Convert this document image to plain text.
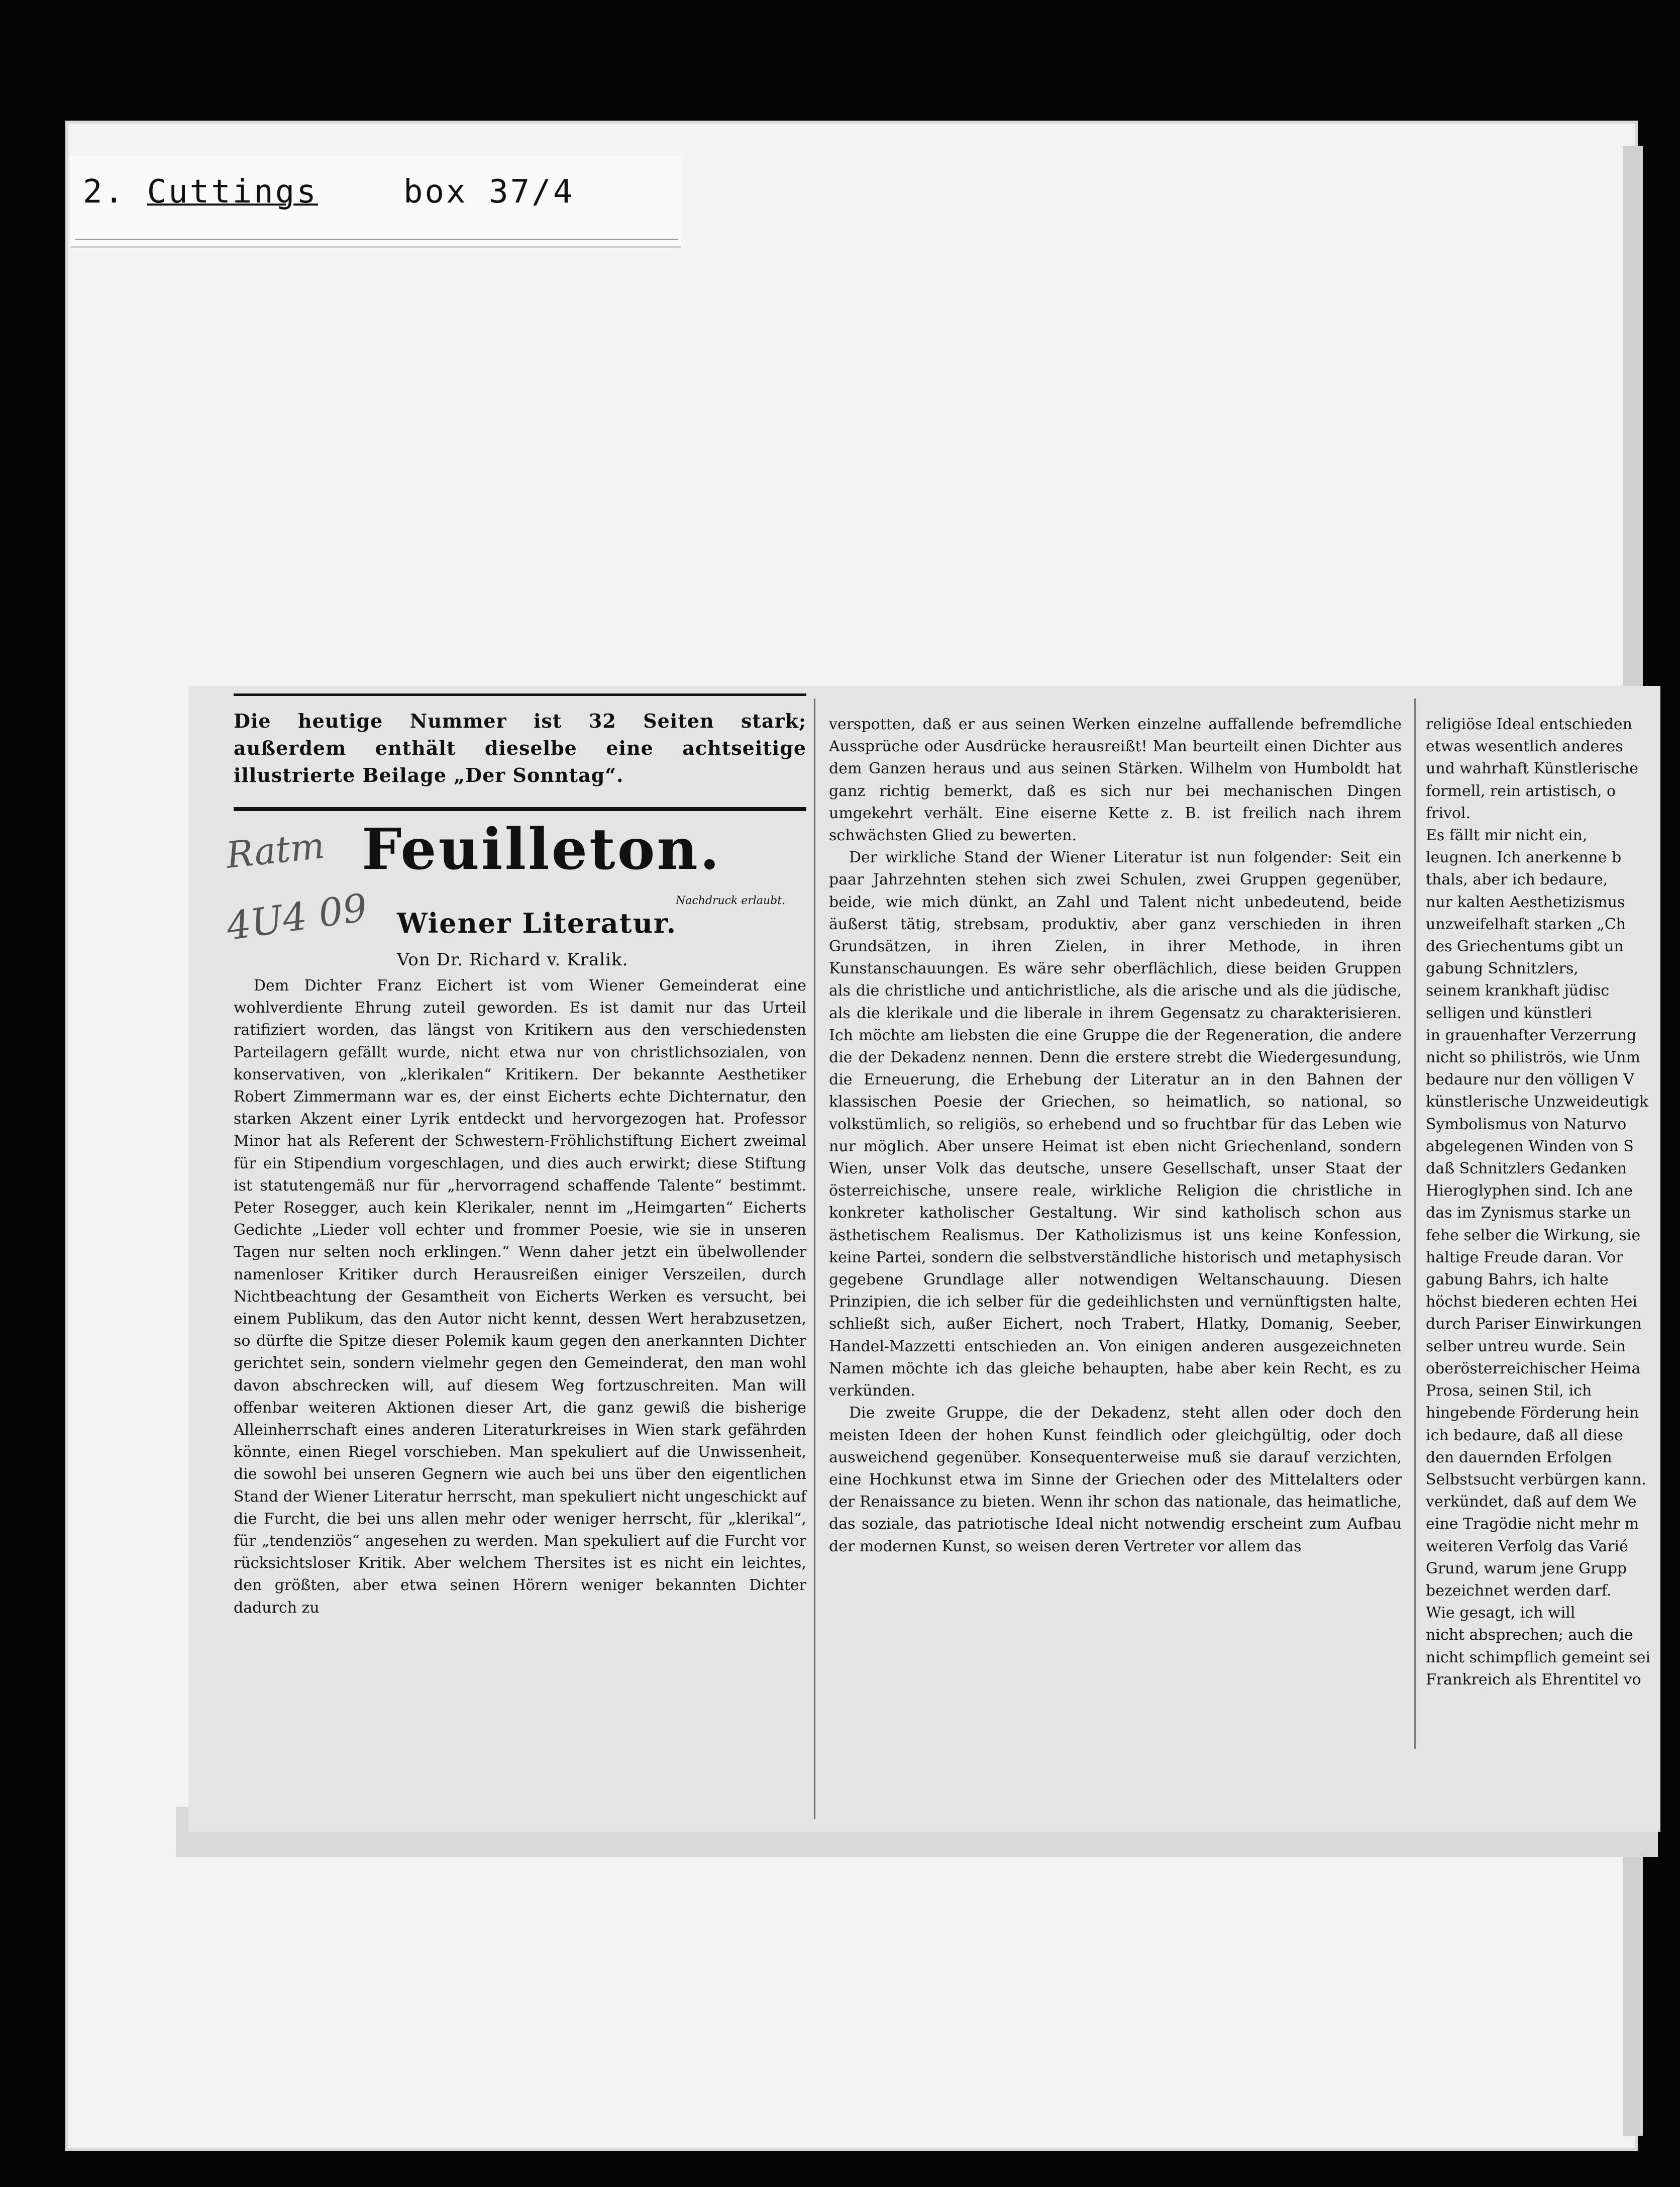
2. Cuttings	box 37/4
Die heutige Nummer ist 32 Seiten stark; außerdem enthält dieselbe eine achtseitige illustrierte Beilage „Der Sonntag“.
Ratm
4U4 09
Feuilleton.
Nachdruck erlaubt.
Wiener Literatur.
Von Dr. Richard v. Kralik.

Dem Dichter Franz Eichert ist vom Wiener Gemeinderat eine wohlverdiente Ehrung zuteil geworden. Es ist damit nur das Urteil ratifiziert worden, das längst von Kritikern aus den verschiedensten Parteilagern gefällt wurde, nicht etwa nur von christlichsozialen, von konservativen, von „klerikalen“ Kritikern. Der bekannte Aesthetiker Robert Zimmermann war es, der einst Eicherts echte Dichternatur, den starken Akzent einer Lyrik entdeckt und hervorgezogen hat. Professor Minor hat als Referent der Schwestern-Fröhlichstiftung Eichert zweimal für ein Stipendium vorgeschlagen, und dies auch erwirkt; diese Stiftung ist statutengemäß nur für „hervorragend schaffende Talente“ bestimmt. Peter Rosegger, auch kein Klerikaler, nennt im „Heimgarten“ Eicherts Gedichte „Lieder voll echter und frommer Poesie, wie sie in unseren Tagen nur selten noch erklingen.“ Wenn daher jetzt ein übelwollender namenloser Kritiker durch Herausreißen einiger Verszeilen, durch Nichtbeachtung der Gesamtheit von Eicherts Werken es versucht, bei einem Publikum, das den Autor nicht kennt, dessen Wert herabzusetzen, so dürfte die Spitze dieser Polemik kaum gegen den anerkannten Dichter gerichtet sein, sondern vielmehr gegen den Gemeinderat, den man wohl davon abschrecken will, auf diesem Weg fortzuschreiten. Man will offenbar weiteren Aktionen dieser Art, die ganz gewiß die bisherige Alleinherrschaft eines anderen Literaturkreises in Wien stark gefährden könnte, einen Riegel vorschieben. Man spekuliert auf die Unwissenheit, die sowohl bei unseren Gegnern wie auch bei uns über den eigentlichen Stand der Wiener Literatur herrscht, man spekuliert nicht ungeschickt auf die Furcht, die bei uns allen mehr oder weniger herrscht, für „klerikal“, für „tendenziös“ angesehen zu werden. Man spekuliert auf die Furcht vor rücksichtsloser Kritik. Aber welchem Thersites ist es nicht ein leichtes, den größten, aber etwa seinen Hörern weniger bekannten Dichter dadurch zu

verspotten, daß er aus seinen Werken einzelne auffallende befremdliche Aussprüche oder Ausdrücke herausreißt! Man beurteilt einen Dichter aus dem Ganzen heraus und aus seinen Stärken. Wilhelm von Humboldt hat ganz richtig bemerkt, daß es sich nur bei mechanischen Dingen umgekehrt verhält. Eine eiserne Kette z. B. ist freilich nach ihrem schwächsten Glied zu bewerten.

Der wirkliche Stand der Wiener Literatur ist nun folgender: Seit ein paar Jahrzehnten stehen sich zwei Schulen, zwei Gruppen gegenüber, beide, wie mich dünkt, an Zahl und Talent nicht unbedeutend, beide äußerst tätig, strebsam, produktiv, aber ganz verschieden in ihren Grundsätzen, in ihren Zielen, in ihrer Methode, in ihren Kunstanschauungen. Es wäre sehr oberflächlich, diese beiden Gruppen als die christliche und antichristliche, als die arische und als die jüdische, als die klerikale und die liberale in ihrem Gegensatz zu charakterisieren. Ich möchte am liebsten die eine Gruppe die der Regeneration, die andere die der Dekadenz nennen. Denn die erstere strebt die Wiedergesundung, die Erneuerung, die Erhebung der Literatur an in den Bahnen der klassischen Poesie der Griechen, so heimatlich, so national, so volkstümlich, so religiös, so erhebend und so fruchtbar für das Leben wie nur möglich. Aber unsere Heimat ist eben nicht Griechenland, sondern Wien, unser Volk das deutsche, unsere Gesellschaft, unser Staat der österreichische, unsere reale, wirkliche Religion die christliche in konkreter katholischer Gestaltung. Wir sind katholisch schon aus ästhetischem Realismus. Der Katholizismus ist uns keine Konfession, keine Partei, sondern die selbstverständliche historisch und metaphysisch gegebene Grundlage aller notwendigen Weltanschauung. Diesen Prinzipien, die ich selber für die gedeihlichsten und vernünftigsten halte, schließt sich, außer Eichert, noch Trabert, Hlatky, Domanig, Seeber, Handel-Mazzetti entschieden an. Von einigen anderen ausgezeichneten Namen möchte ich das gleiche behaupten, habe aber kein Recht, es zu verkünden.

Die zweite Gruppe, die der Dekadenz, steht allen oder doch den meisten Ideen der hohen Kunst feindlich oder gleichgültig, oder doch ausweichend gegenüber. Konsequenterweise muß sie darauf verzichten, eine Hochkunst etwa im Sinne der Griechen oder des Mittelalters oder der Renaissance zu bieten. Wenn ihr schon das nationale, das heimatliche, das soziale, das patriotische Ideal nicht notwendig erscheint zum Aufbau der modernen Kunst, so weisen deren Vertreter vor allem das

religiöse Ideal entschieden

etwas wesentlich anderes

und wahrhaft Künstlerische

formell, rein artistisch, o

frivol.

Es fällt mir nicht ein,

leugnen. Ich anerkenne b

thals, aber ich bedaure,

nur kalten Aesthetizismus

unzweifelhaft starken „Ch

des Griechentums gibt un

gabung Schnitzlers,

seinem krankhaft jüdisc

selligen und künstleri

in grauenhafter Verzerrung

nicht so philiströs, wie Unm

bedaure nur den völligen V

künstlerische Unzweideutigk

Symbolismus von Naturvo

abgelegenen Winden von S

daß Schnitzlers Gedanken

Hieroglyphen sind. Ich ane

das im Zynismus starke un

fehe selber die Wirkung, sie

haltige Freude daran. Vor

gabung Bahrs, ich halte

höchst biederen echten Hei

durch Pariser Einwirkungen

selber untreu wurde. Sein

oberösterreichischer Heima

Prosa, seinen Stil, ich

hingebende Förderung hein

ich bedaure, daß all diese

den dauernden Erfolgen

Selbstsucht verbürgen kann.

verkündet, daß auf dem We

eine Tragödie nicht mehr m

weiteren Verfolg das Varié

Grund, warum jene Grupp

bezeichnet werden darf.

Wie gesagt, ich will

nicht absprechen; auch die

nicht schimpflich gemeint sei

Frankreich als Ehrentitel vo
